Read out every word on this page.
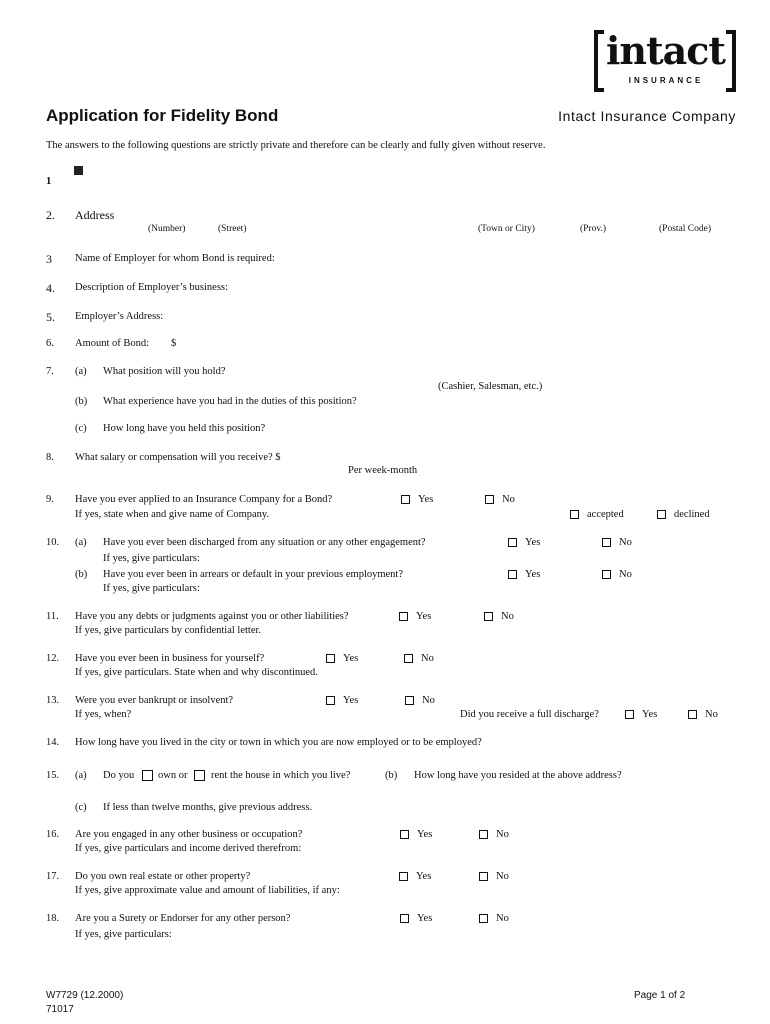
intact
INSURANCE
Application for Fidelity Bond	Intact Insurance Company
The answers to the following questions are strictly private and therefore can be clearly and fully given without reserve.
1
2. Address
(Number)	(Street)	(Town or City)	(Prov.)	(Postal Code)
3 Name of Employer for whom Bond is required:
4. Description of Employer’s business:
5. Employer’s Address:
6. Amount of Bond: $
7. (a) What position will you hold?
(Cashier, Salesman, etc.)
(b) What experience have you had in the duties of this position?
(c) How long have you held this position?
8. What salary or compensation will you receive? $
Per week-month
9. Have you ever applied to an Insurance Company for a Bond?	Yes	No
If yes, state when and give name of Company.	accepted	declined
10. (a) Have you ever been discharged from any situation or any other engagement?	Yes	No
If yes, give particulars:
(b) Have you ever been in arrears or default in your previous employment?	Yes	No
If yes, give particulars:
11. Have you any debts or judgments against you or other liabilities?	Yes	No
If yes, give particulars by confidential letter.
12. Have you ever been in business for yourself?	Yes	No
If yes, give particulars. State when and why discontinued.
13. Were you ever bankrupt or insolvent?	Yes	No
If yes, when?	Did you receive a full discharge?	Yes	No
14. How long have you lived in the city or town in which you are now employed or to be employed?
15. (a) Do you own or rent the house in which you live?	(b) How long have you resided at the above address?
(c) If less than twelve months, give previous address.
16. Are you engaged in any other business or occupation?	Yes	No
If yes, give particulars and income derived therefrom:
17. Do you own real estate or other property?	Yes	No
If yes, give approximate value and amount of liabilities, if any:
18. Are you a Surety or Endorser for any other person?	Yes	No
If yes, give particulars:
W7729 (12.2000)
71017
Page 1 of 2
